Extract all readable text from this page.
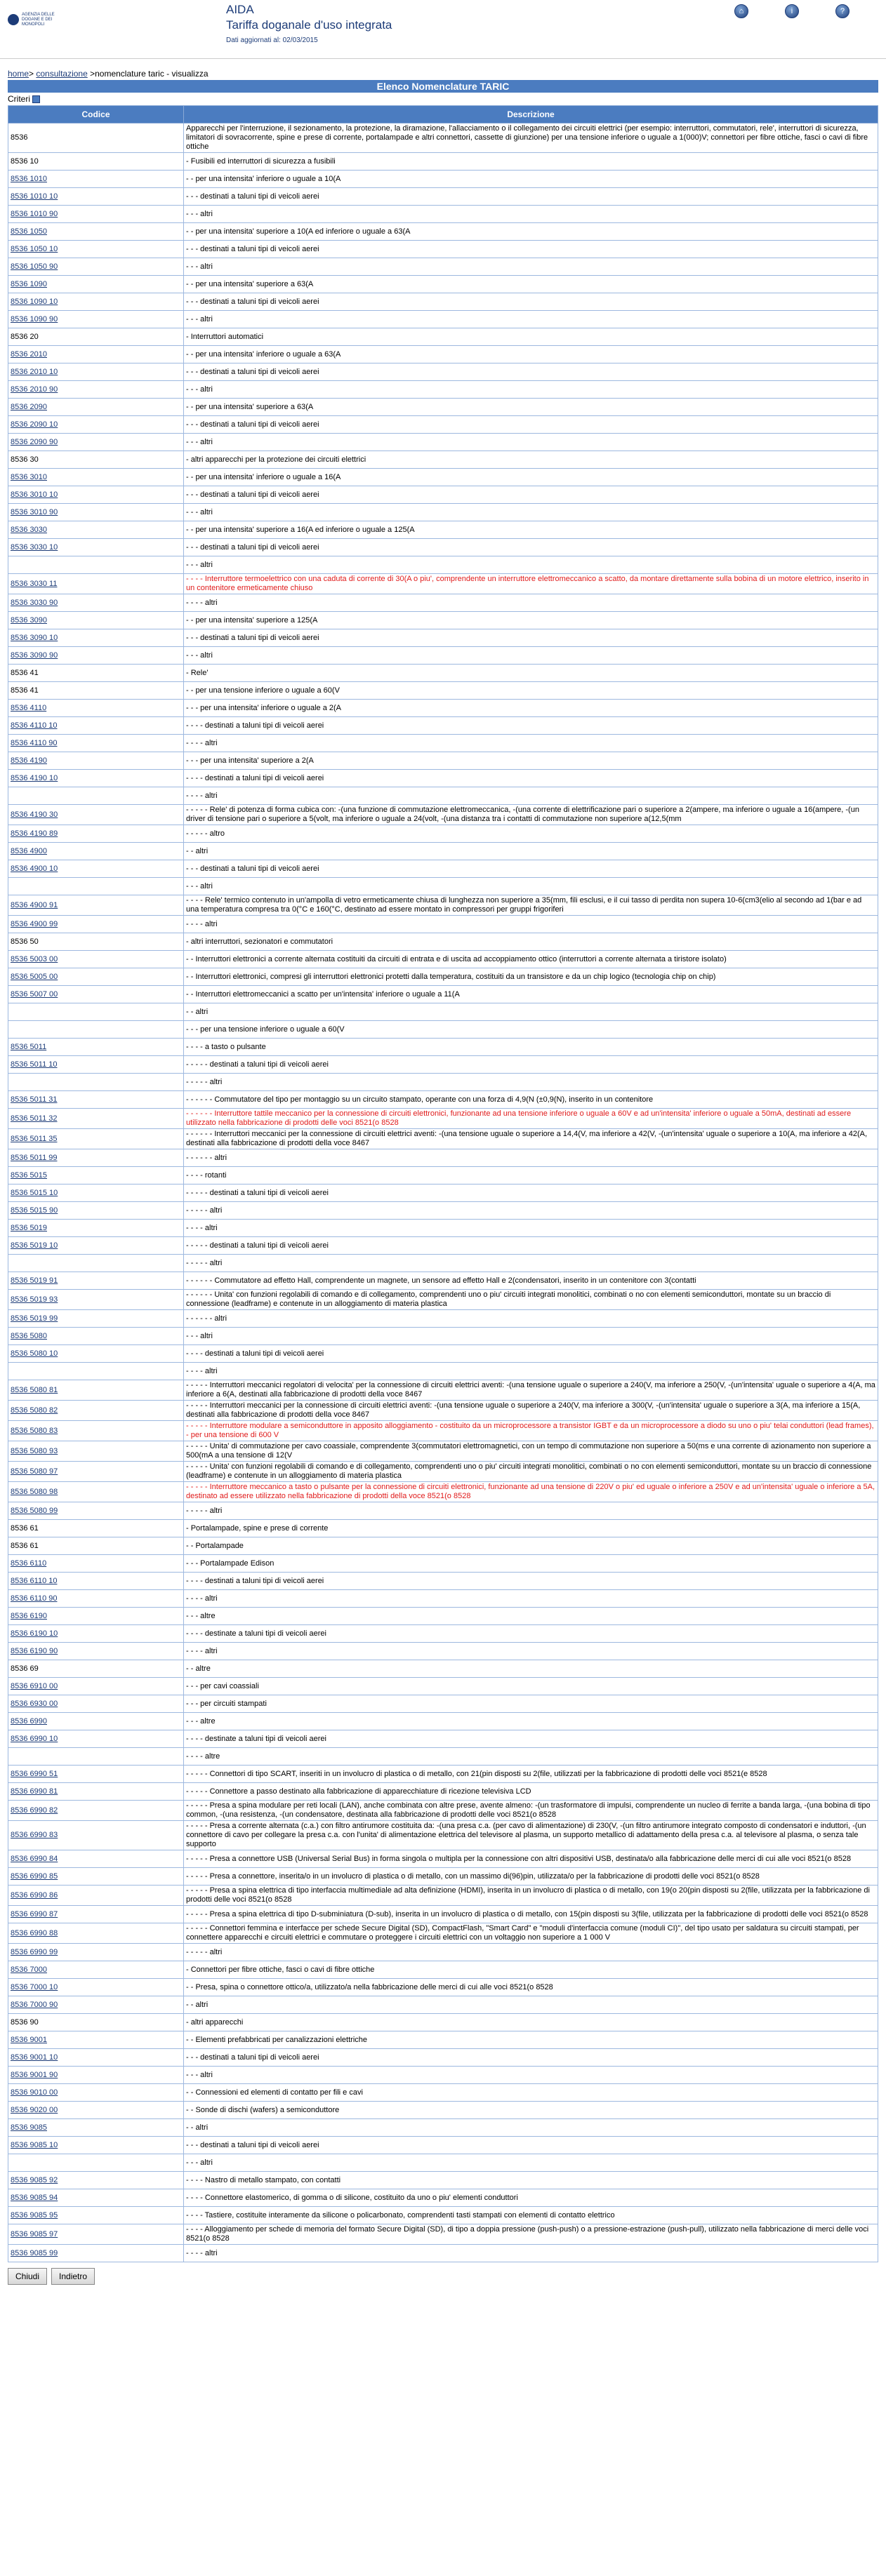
AGENZIA DELLE DOGANE E DEI MONOPOLI
AIDA
Tariffa doganale d'uso integrata
Dati aggiornati al: 02/03/2015
⌂	i	?
home> consultazione >nomenclature taric - visualizza
Elenco Nomenclature TARIC
Criteri
Codice	Descrizione
8536	Apparecchi per l'interruzione, il sezionamento, la protezione, la diramazione, l'allacciamento o il collegamento dei circuiti elettrici (per esempio: interruttori, commutatori, rele', interruttori di sicurezza, limitatori di sovracorrente, spine e prese di corrente, portalampade e altri connettori, cassette di giunzione) per una tensione inferiore o uguale a 1(000)V; connettori per fibre ottiche, fasci o cavi di fibre ottiche
8536 10	- Fusibili ed interruttori di sicurezza a fusibili
8536 1010	- - per una intensita' inferiore o uguale a 10(A
8536 1010 10	- - - destinati a taluni tipi di veicoli aerei
8536 1010 90	- - - altri
8536 1050	- - per una intensita' superiore a 10(A ed inferiore o uguale a 63(A
8536 1050 10	- - - destinati a taluni tipi di veicoli aerei
8536 1050 90	- - - altri
8536 1090	- - per una intensita' superiore a 63(A
8536 1090 10	- - - destinati a taluni tipi di veicoli aerei
8536 1090 90	- - - altri
8536 20	- Interruttori automatici
8536 2010	- - per una intensita' inferiore o uguale a 63(A
8536 2010 10	- - - destinati a taluni tipi di veicoli aerei
8536 2010 90	- - - altri
8536 2090	- - per una intensita' superiore a 63(A
8536 2090 10	- - - destinati a taluni tipi di veicoli aerei
8536 2090 90	- - - altri
8536 30	- altri apparecchi per la protezione dei circuiti elettrici
8536 3010	- - per una intensita' inferiore o uguale a 16(A
8536 3010 10	- - - destinati a taluni tipi di veicoli aerei
8536 3010 90	- - - altri
8536 3030	- - per una intensita' superiore a 16(A ed inferiore o uguale a 125(A
8536 3030 10	- - - destinati a taluni tipi di veicoli aerei
	- - - altri
8536 3030 11	- - - - Interruttore termoelettrico con una caduta di corrente di 30(A o piu', comprendente un interruttore elettromeccanico a scatto, da montare direttamente sulla bobina di un motore elettrico, inserito in un contenitore ermeticamente chiuso
8536 3030 90	- - - - altri
8536 3090	- - per una intensita' superiore a 125(A
8536 3090 10	- - - destinati a taluni tipi di veicoli aerei
8536 3090 90	- - - altri
8536 41	- Rele'
8536 41	- - per una tensione inferiore o uguale a 60(V
8536 4110	- - - per una intensita' inferiore o uguale a 2(A
8536 4110 10	- - - - destinati a taluni tipi di veicoli aerei
8536 4110 90	- - - - altri
8536 4190	- - - per una intensita' superiore a 2(A
8536 4190 10	- - - - destinati a taluni tipi di veicoli aerei
	- - - - altri
8536 4190 30	- - - - - Rele' di potenza di forma cubica con: -(una funzione di commutazione elettromeccanica, -(una corrente di elettrificazione pari o superiore a 2(ampere, ma inferiore o uguale a 16(ampere, -(un driver di tensione pari o superiore a 5(volt, ma inferiore o uguale a 24(volt, -(una distanza tra i contatti di commutazione non superiore a(12,5(mm
8536 4190 89	- - - - - altro
8536 4900	- - altri
8536 4900 10	- - - destinati a taluni tipi di veicoli aerei
	- - - altri
8536 4900 91	- - - - Rele' termico contenuto in un'ampolla di vetro ermeticamente chiusa di lunghezza non superiore a 35(mm, fili esclusi, e il cui tasso di perdita non supera 10-6(cm3(elio al secondo ad 1(bar e ad una temperatura compresa tra 0(°C e 160(°C, destinato ad essere montato in compressori per gruppi frigoriferi
8536 4900 99	- - - - altri
8536 50	- altri interruttori, sezionatori e commutatori
8536 5003 00	- - Interruttori elettronici a corrente alternata costituiti da circuiti di entrata e di uscita ad accoppiamento ottico (interruttori a corrente alternata a tiristore isolato)
8536 5005 00	- - Interruttori elettronici, compresi gli interruttori elettronici protetti dalla temperatura, costituiti da un transistore e da un chip logico (tecnologia chip on chip)
8536 5007 00	- - Interruttori elettromeccanici a scatto per un'intensita' inferiore o uguale a 11(A
	- - altri
	- - - per una tensione inferiore o uguale a 60(V
8536 5011	- - - - a tasto o pulsante
8536 5011 10	- - - - - destinati a taluni tipi di veicoli aerei
	- - - - - altri
8536 5011 31	- - - - - - Commutatore del tipo per montaggio su un circuito stampato, operante con una forza di 4,9(N (±0,9(N), inserito in un contenitore
8536 5011 32	- - - - - - Interruttore tattile meccanico per la connessione di circuiti elettronici, funzionante ad una tensione inferiore o uguale a 60V e ad un'intensita' inferiore o uguale a 50mA, destinati ad essere utilizzato nella fabbricazione di prodotti delle voci 8521(o 8528
8536 5011 35	- - - - - - Interruttori meccanici per la connessione di circuiti elettrici aventi: -(una tensione uguale o superiore a 14,4(V, ma inferiore a 42(V, -(un'intensita' uguale o superiore a 10(A, ma inferiore a 42(A, destinati alla fabbricazione di prodotti della voce 8467
8536 5011 99	- - - - - - altri
8536 5015	- - - - rotanti
8536 5015 10	- - - - - destinati a taluni tipi di veicoli aerei
8536 5015 90	- - - - - altri
8536 5019	- - - - altri
8536 5019 10	- - - - - destinati a taluni tipi di veicoli aerei
	- - - - - altri
8536 5019 91	- - - - - - Commutatore ad effetto Hall, comprendente un magnete, un sensore ad effetto Hall e 2(condensatori, inserito in un contenitore con 3(contatti
8536 5019 93	- - - - - - Unita' con funzioni regolabili di comando e di collegamento, comprendenti uno o piu' circuiti integrati monolitici, combinati o no con elementi semiconduttori, montate su un braccio di connessione (leadframe) e contenute in un alloggiamento di materia plastica
8536 5019 99	- - - - - - altri
8536 5080	- - - altri
8536 5080 10	- - - - destinati a taluni tipi di veicoli aerei
	- - - - altri
8536 5080 81	- - - - - Interruttori meccanici regolatori di velocita' per la connessione di circuiti elettrici aventi: -(una tensione uguale o superiore a 240(V, ma inferiore a 250(V, -(un'intensita' uguale o superiore a 4(A, ma inferiore a 6(A, destinati alla fabbricazione di prodotti della voce 8467
8536 5080 82	- - - - - Interruttori meccanici per la connessione di circuiti elettrici aventi: -(una tensione uguale o superiore a 240(V, ma inferiore a 300(V, -(un'intensita' uguale o superiore a 3(A, ma inferiore a 15(A, destinati alla fabbricazione di prodotti della voce 8467
8536 5080 83	- - - - - Interruttore modulare a semiconduttore in apposito alloggiamento - costituito da un microprocessore a transistor IGBT e da un microprocessore a diodo su uno o piu' telai conduttori (lead frames), - per una tensione di 600 V
8536 5080 93	- - - - - Unita' di commutazione per cavo coassiale, comprendente 3(commutatori elettromagnetici, con un tempo di commutazione non superiore a 50(ms e una corrente di azionamento non superiore a 500(mA a una tensione di 12(V
8536 5080 97	- - - - - Unita' con funzioni regolabili di comando e di collegamento, comprendenti uno o piu' circuiti integrati monolitici, combinati o no con elementi semiconduttori, montate su un braccio di connessione (leadframe) e contenute in un alloggiamento di materia plastica
8536 5080 98	- - - - - Interruttore meccanico a tasto o pulsante per la connessione di circuiti elettronici, funzionante ad una tensione di 220V o piu' ed uguale o inferiore a 250V e ad un'intensita' uguale o inferiore a 5A, destinato ad essere utilizzato nella fabbricazione di prodotti della voce 8521(o 8528
8536 5080 99	- - - - - altri
8536 61	- Portalampade, spine e prese di corrente
8536 61	- - Portalampade
8536 6110	- - - Portalampade Edison
8536 6110 10	- - - - destinati a taluni tipi di veicoli aerei
8536 6110 90	- - - - altri
8536 6190	- - - altre
8536 6190 10	- - - - destinate a taluni tipi di veicoli aerei
8536 6190 90	- - - - altri
8536 69	- - altre
8536 6910 00	- - - per cavi coassiali
8536 6930 00	- - - per circuiti stampati
8536 6990	- - - altre
8536 6990 10	- - - - destinate a taluni tipi di veicoli aerei
	- - - - altre
8536 6990 51	- - - - - Connettori di tipo SCART, inseriti in un involucro di plastica o di metallo, con 21(pin disposti su 2(file, utilizzati per la fabbricazione di prodotti delle voci 8521(e 8528
8536 6990 81	- - - - - Connettore a passo destinato alla fabbricazione di apparecchiature di ricezione televisiva LCD
8536 6990 82	- - - - - Presa a spina modulare per reti locali (LAN), anche combinata con altre prese, avente almeno: -(un trasformatore di impulsi, comprendente un nucleo di ferrite a banda larga, -(una bobina di tipo common, -(una resistenza, -(un condensatore, destinata alla fabbricazione di prodotti delle voci 8521(o 8528
8536 6990 83	- - - - - Presa a corrente alternata (c.a.) con filtro antirumore costituita da: -(una presa c.a. (per cavo di alimentazione) di 230(V, -(un filtro antirumore integrato composto di condensatori e induttori, -(un connettore di cavo per collegare la presa c.a. con l'unita' di alimentazione elettrica del televisore al plasma, un supporto metallico di adattamento della presa c.a. al televisore al plasma, o senza tale supporto
8536 6990 84	- - - - - Presa a connettore USB (Universal Serial Bus) in forma singola o multipla per la connessione con altri dispositivi USB, destinata/o alla fabbricazione delle merci di cui alle voci 8521(o 8528
8536 6990 85	- - - - - Presa a connettore, inserita/o in un involucro di plastica o di metallo, con un massimo di(96)pin, utilizzata/o per la fabbricazione di prodotti delle voci 8521(o 8528
8536 6990 86	- - - - - Presa a spina elettrica di tipo interfaccia multimediale ad alta definizione (HDMI), inserita in un involucro di plastica o di metallo, con 19(o 20(pin disposti su 2(file, utilizzata per la fabbricazione di prodotti delle voci 8521(o 8528
8536 6990 87	- - - - - Presa a spina elettrica di tipo D-subminiatura (D-sub), inserita in un involucro di plastica o di metallo, con 15(pin disposti su 3(file, utilizzata per la fabbricazione di prodotti delle voci 8521(o 8528
8536 6990 88	- - - - - Connettori femmina e interfacce per schede Secure Digital (SD), CompactFlash, "Smart Card" e "moduli d'interfaccia comune (moduli CI)", del tipo usato per saldatura su circuiti stampati, per connettere apparecchi e circuiti elettrici e commutare o proteggere i circuiti elettrici con un voltaggio non superiore a 1 000 V
8536 6990 99	- - - - - altri
8536 7000	- Connettori per fibre ottiche, fasci o cavi di fibre ottiche
8536 7000 10	- - Presa, spina o connettore ottico/a, utilizzato/a nella fabbricazione delle merci di cui alle voci 8521(o 8528
8536 7000 90	- - altri
8536 90	- altri apparecchi
8536 9001	- - Elementi prefabbricati per canalizzazioni elettriche
8536 9001 10	- - - destinati a taluni tipi di veicoli aerei
8536 9001 90	- - - altri
8536 9010 00	- - Connessioni ed elementi di contatto per fili e cavi
8536 9020 00	- - Sonde di dischi (wafers) a semiconduttore
8536 9085	- - altri
8536 9085 10	- - - destinati a taluni tipi di veicoli aerei
	- - - altri
8536 9085 92	- - - - Nastro di metallo stampato, con contatti
8536 9085 94	- - - - Connettore elastomerico, di gomma o di silicone, costituito da uno o piu' elementi conduttori
8536 9085 95	- - - - Tastiere, costituite interamente da silicone o policarbonato, comprendenti tasti stampati con elementi di contatto elettrico
8536 9085 97	- - - - Alloggiamento per schede di memoria del formato Secure Digital (SD), di tipo a doppia pressione (push-push) o a pressione-estrazione (push-pull), utilizzato nella fabbricazione di merci delle voci 8521(o 8528
8536 9085 99	- - - - altri
Chiudi	Indietro
